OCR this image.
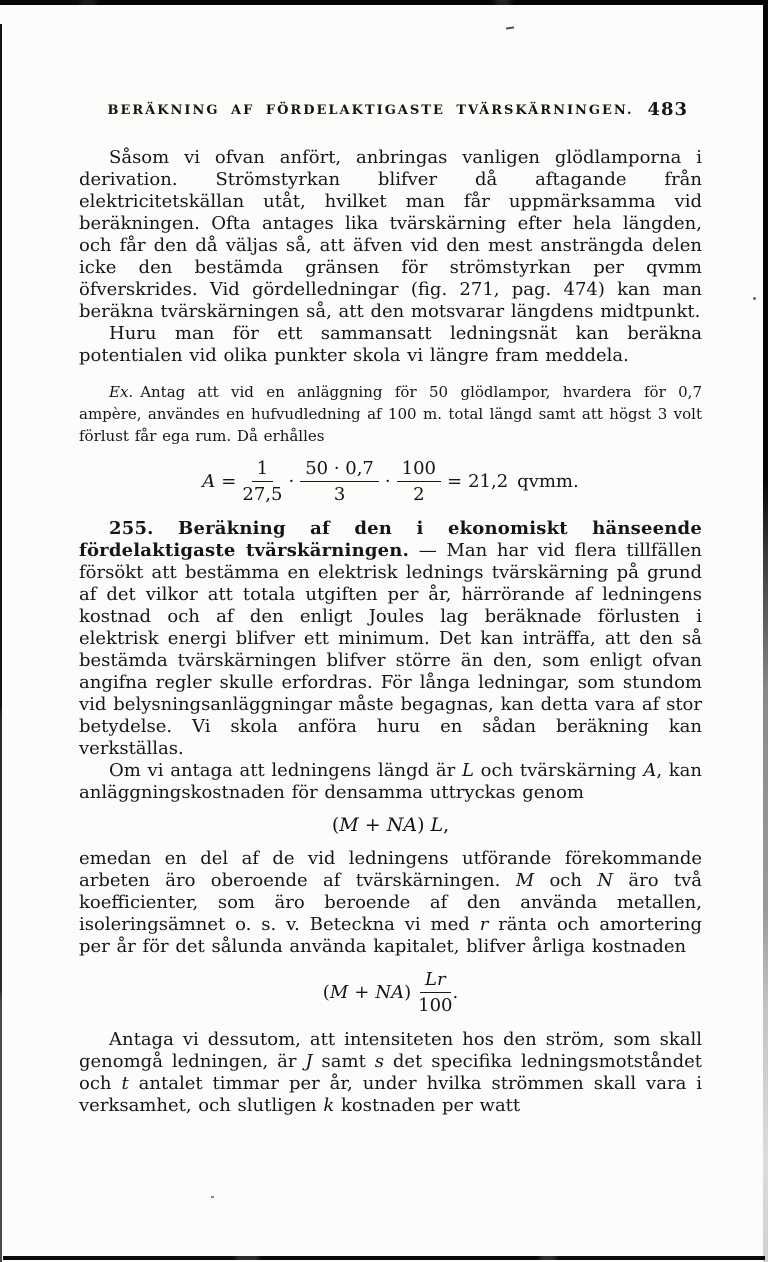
BERÄKNING AF FÖRDELAKTIGASTE TVÄRSKÄRNINGEN. 483

Såsom vi ofvan anfört, anbringas vanligen glödlamporna i derivation. Strömstyrkan blifver då aftagande från elektricitetskällan utåt, hvilket man får uppmärksamma vid beräkningen. Ofta antages lika tvärskärning efter hela längden, och får den då väljas så, att äfven vid den mest ansträngda delen icke den bestämda gränsen för strömstyrkan per qvmm öfverskrides. Vid gördelledningar (fig. 271, pag. 474) kan man beräkna tvärskärningen så, att den motsvarar längdens midtpunkt.

Huru man för ett sammansatt ledningsnät kan beräkna potentialen vid olika punkter skola vi längre fram meddela.

Ex. Antag att vid en anläggning för 50 glödlampor, hvardera för 0,7 ampère, användes en hufvudledning af 100 m. total längd samt att högst 3 volt förlust får ega rum. Då erhålles

$A = \frac{1}{27,5} \cdot \frac{50 \cdot 0,7}{3} \cdot \frac{100}{2} = 21,2$ qvmm.

255. Beräkning af den i ekonomiskt hänseende fördelaktigaste tvärskärningen. — Man har vid flera tillfällen försökt att bestämma en elektrisk lednings tvärskärning på grund af det vilkor att totala utgiften per år, härrörande af ledningens kostnad och af den enligt Joules lag beräknade förlusten i elektrisk energi blifver ett minimum. Det kan inträffa, att den så bestämda tvärskärningen blifver större än den, som enligt ofvan angifna regler skulle erfordras. För långa ledningar, som stundom vid belysningsanläggningar måste begagnas, kan detta vara af stor betydelse. Vi skola anföra huru en sådan beräkning kan verkställas.

Om vi antaga att ledningens längd är L och tvärskärning A, kan anläggningskostnaden för densamma uttryckas genom

(M + NA) L,

emedan en del af de vid ledningens utförande förekommande arbeten äro oberoende af tvärskärningen. M och N äro två koefficienter, som äro beroende af den använda metallen, isoleringsämnet o. s. v. Beteckna vi med r ränta och amortering per år för det sålunda använda kapitalet, blifver årliga kostnaden

( M + NA ) $\frac{Lr}{100}$ .

Antaga vi dessutom, att intensiteten hos den ström, som skall genomgå ledningen, är J samt s det specifika ledningsmotståndet och t antalet timmar per år, under hvilka strömmen skall vara i verksamhet, och slutligen k kostnaden per watt
